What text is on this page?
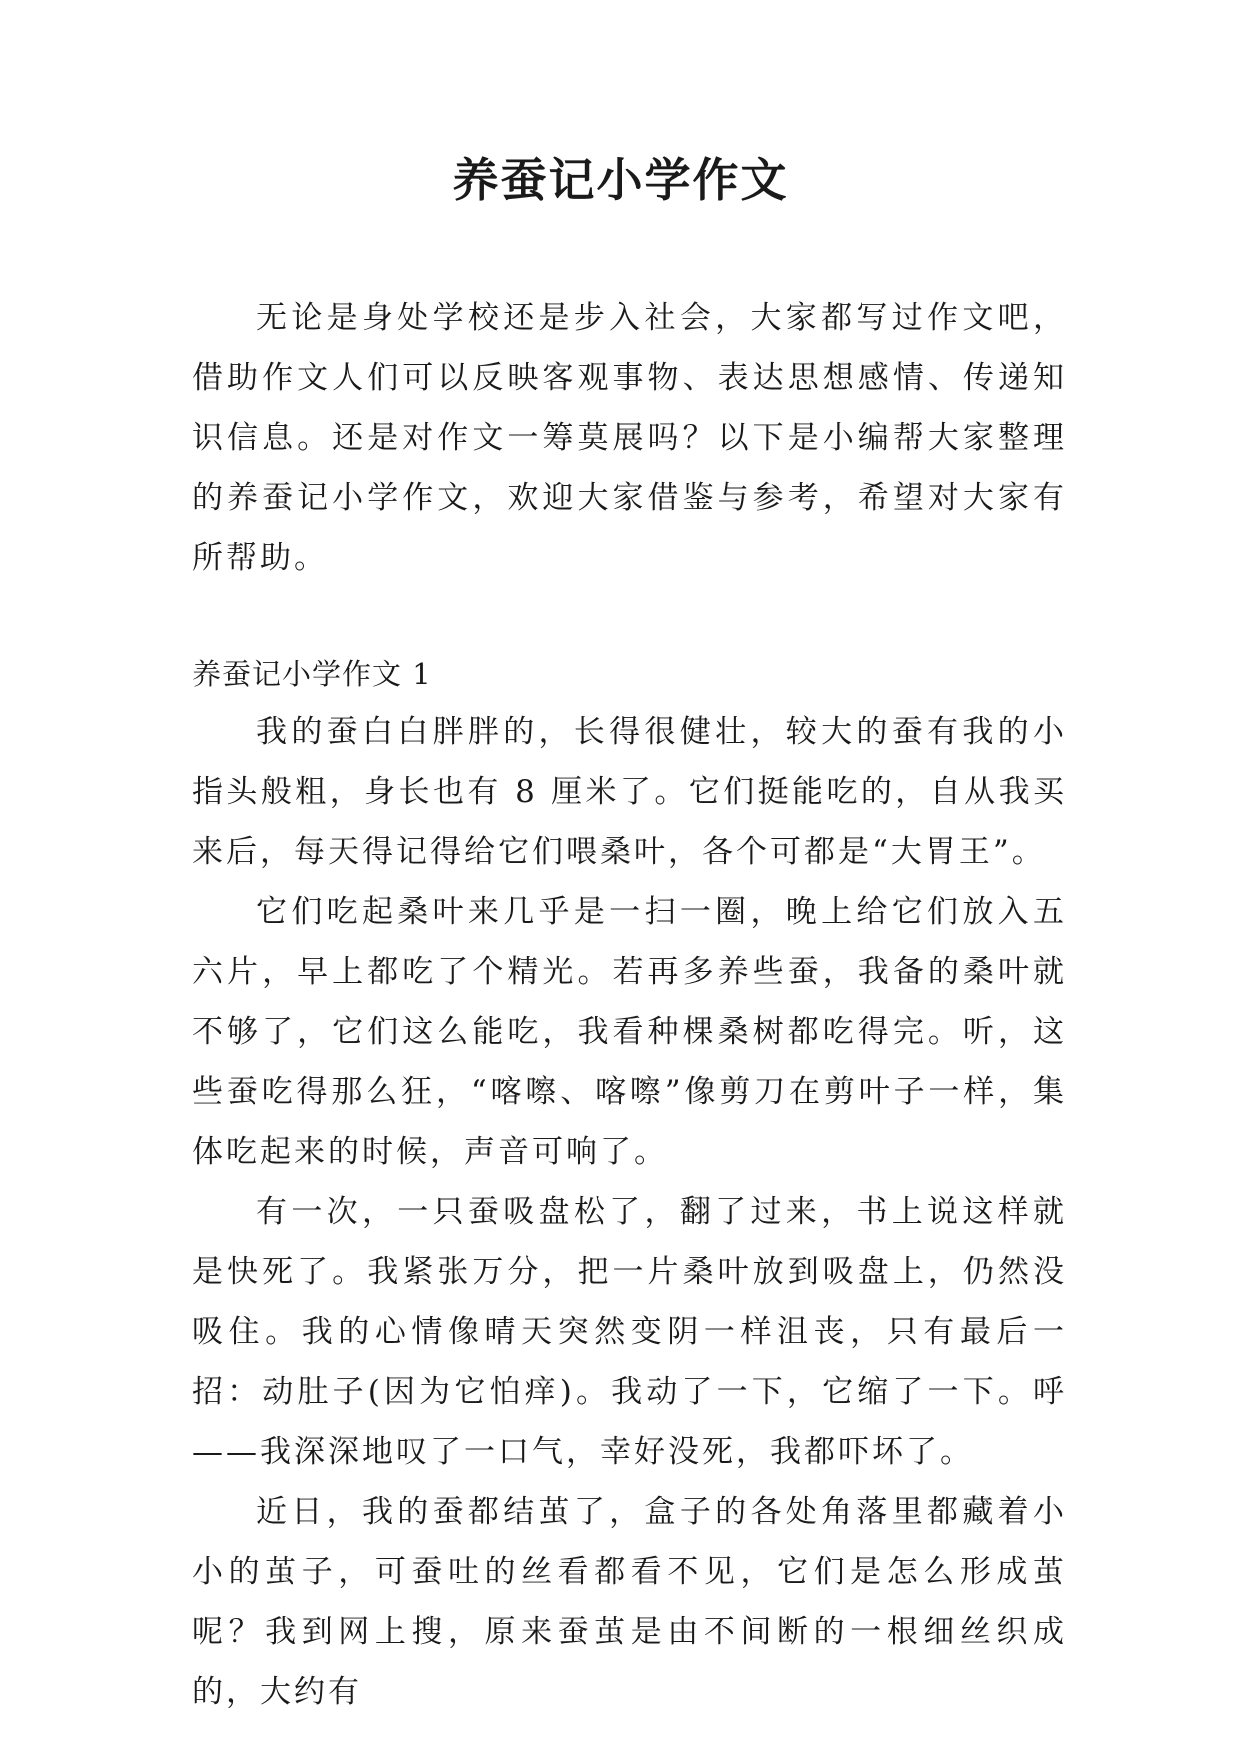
养蚕记小学作文

无论是身处学校还是步入社会，大家都写过作文吧，借助作文人们可以反映客观事物、表达思想感情、传递知识信息。还是对作文一筹莫展吗？以下是小编帮大家整理的养蚕记小学作文，欢迎大家借鉴与参考，希望对大家有所帮助。

养蚕记小学作文 1

我的蚕白白胖胖的，长得很健壮，较大的蚕有我的小指头般粗，身长也有 8 厘米了。它们挺能吃的，自从我买来后，每天得记得给它们喂桑叶，各个可都是“大胃王”。

它们吃起桑叶来几乎是一扫一圈，晚上给它们放入五六片，早上都吃了个精光。若再多养些蚕，我备的桑叶就不够了，它们这么能吃，我看种棵桑树都吃得完。听，这些蚕吃得那么狂，“喀嚓、喀嚓”像剪刀在剪叶子一样，集体吃起来的时候，声音可响了。

有一次，一只蚕吸盘松了，翻了过来，书上说这样就是快死了。我紧张万分，把一片桑叶放到吸盘上，仍然没吸住。我的心情像晴天突然变阴一样沮丧，只有最后一招：动肚子(因为它怕痒)。我动了一下，它缩了一下。呼——我深深地叹了一口气，幸好没死，我都吓坏了。

近日，我的蚕都结茧了，盒子的各处角落里都藏着小小的茧子，可蚕吐的丝看都看不见，它们是怎么形成茧呢？我到网上搜，原来蚕茧是由不间断的一根细丝织成的，大约有
